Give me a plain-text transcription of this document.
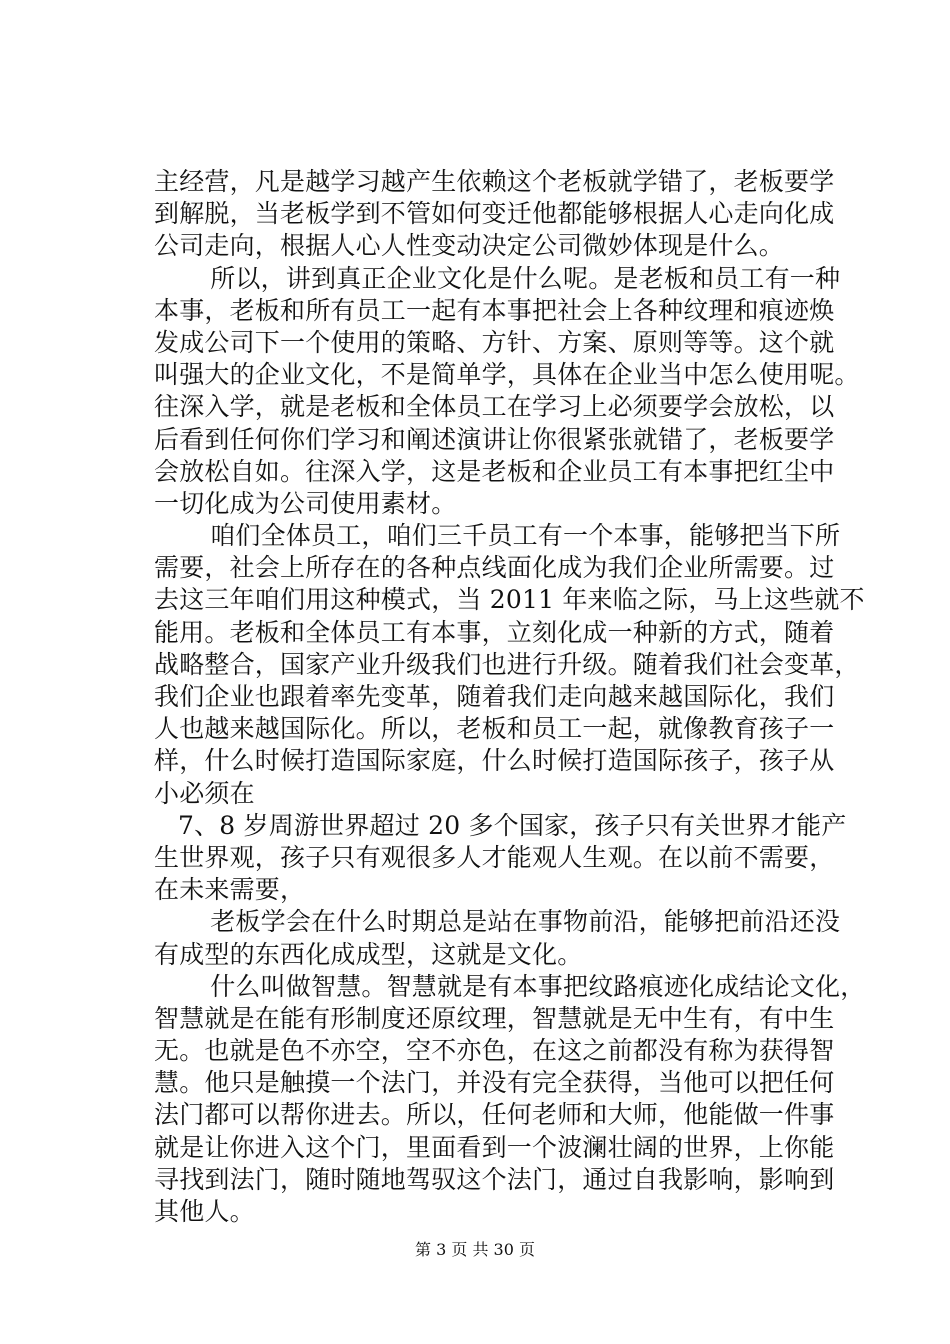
主经营，凡是越学习越产生依赖这个老板就学错了，老板要学
到解脱，当老板学到不管如何变迁他都能够根据人心走向化成
公司走向，根据人心人性变动决定公司微妙体现是什么。
　所以，讲到真正企业文化是什么呢。是老板和员工有一种
本事，老板和所有员工一起有本事把社会上各种纹理和痕迹焕
发成公司下一个使用的策略、方针、方案、原则等等。这个就
叫强大的企业文化，不是简单学，具体在企业当中怎么使用呢。
往深入学，就是老板和全体员工在学习上必须要学会放松，以
后看到任何你们学习和阐述演讲让你很紧张就错了，老板要学
会放松自如。往深入学，这是老板和企业员工有本事把红尘中
一切化成为公司使用素材。
　咱们全体员工，咱们三千员工有一个本事，能够把当下所
需要，社会上所存在的各种点线面化成为我们企业所需要。过
去这三年咱们用这种模式，当 2011 年来临之际，马上这些就不
能用。老板和全体员工有本事，立刻化成一种新的方式，随着
战略整合，国家产业升级我们也进行升级。随着我们社会变革，
我们企业也跟着率先变革，随着我们走向越来越国际化，我们
人也越来越国际化。所以，老板和员工一起，就像教育孩子一
样，什么时候打造国际家庭，什么时候打造国际孩子，孩子从
小必须在
7、8 岁周游世界超过 20 多个国家，孩子只有关世界才能产
生世界观，孩子只有观很多人才能观人生观。在以前不需要，
在未来需要，
　老板学会在什么时期总是站在事物前沿，能够把前沿还没
有成型的东西化成成型，这就是文化。
　什么叫做智慧。智慧就是有本事把纹路痕迹化成结论文化，
智慧就是在能有形制度还原纹理，智慧就是无中生有，有中生
无。也就是色不亦空，空不亦色，在这之前都没有称为获得智
慧。他只是触摸一个法门，并没有完全获得，当他可以把任何
法门都可以帮你进去。所以，任何老师和大师，他能做一件事
就是让你进入这个门，里面看到一个波澜壮阔的世界，上你能
寻找到法门，随时随地驾驭这个法门，通过自我影响，影响到
其他人。
第 3 页 共 30 页
